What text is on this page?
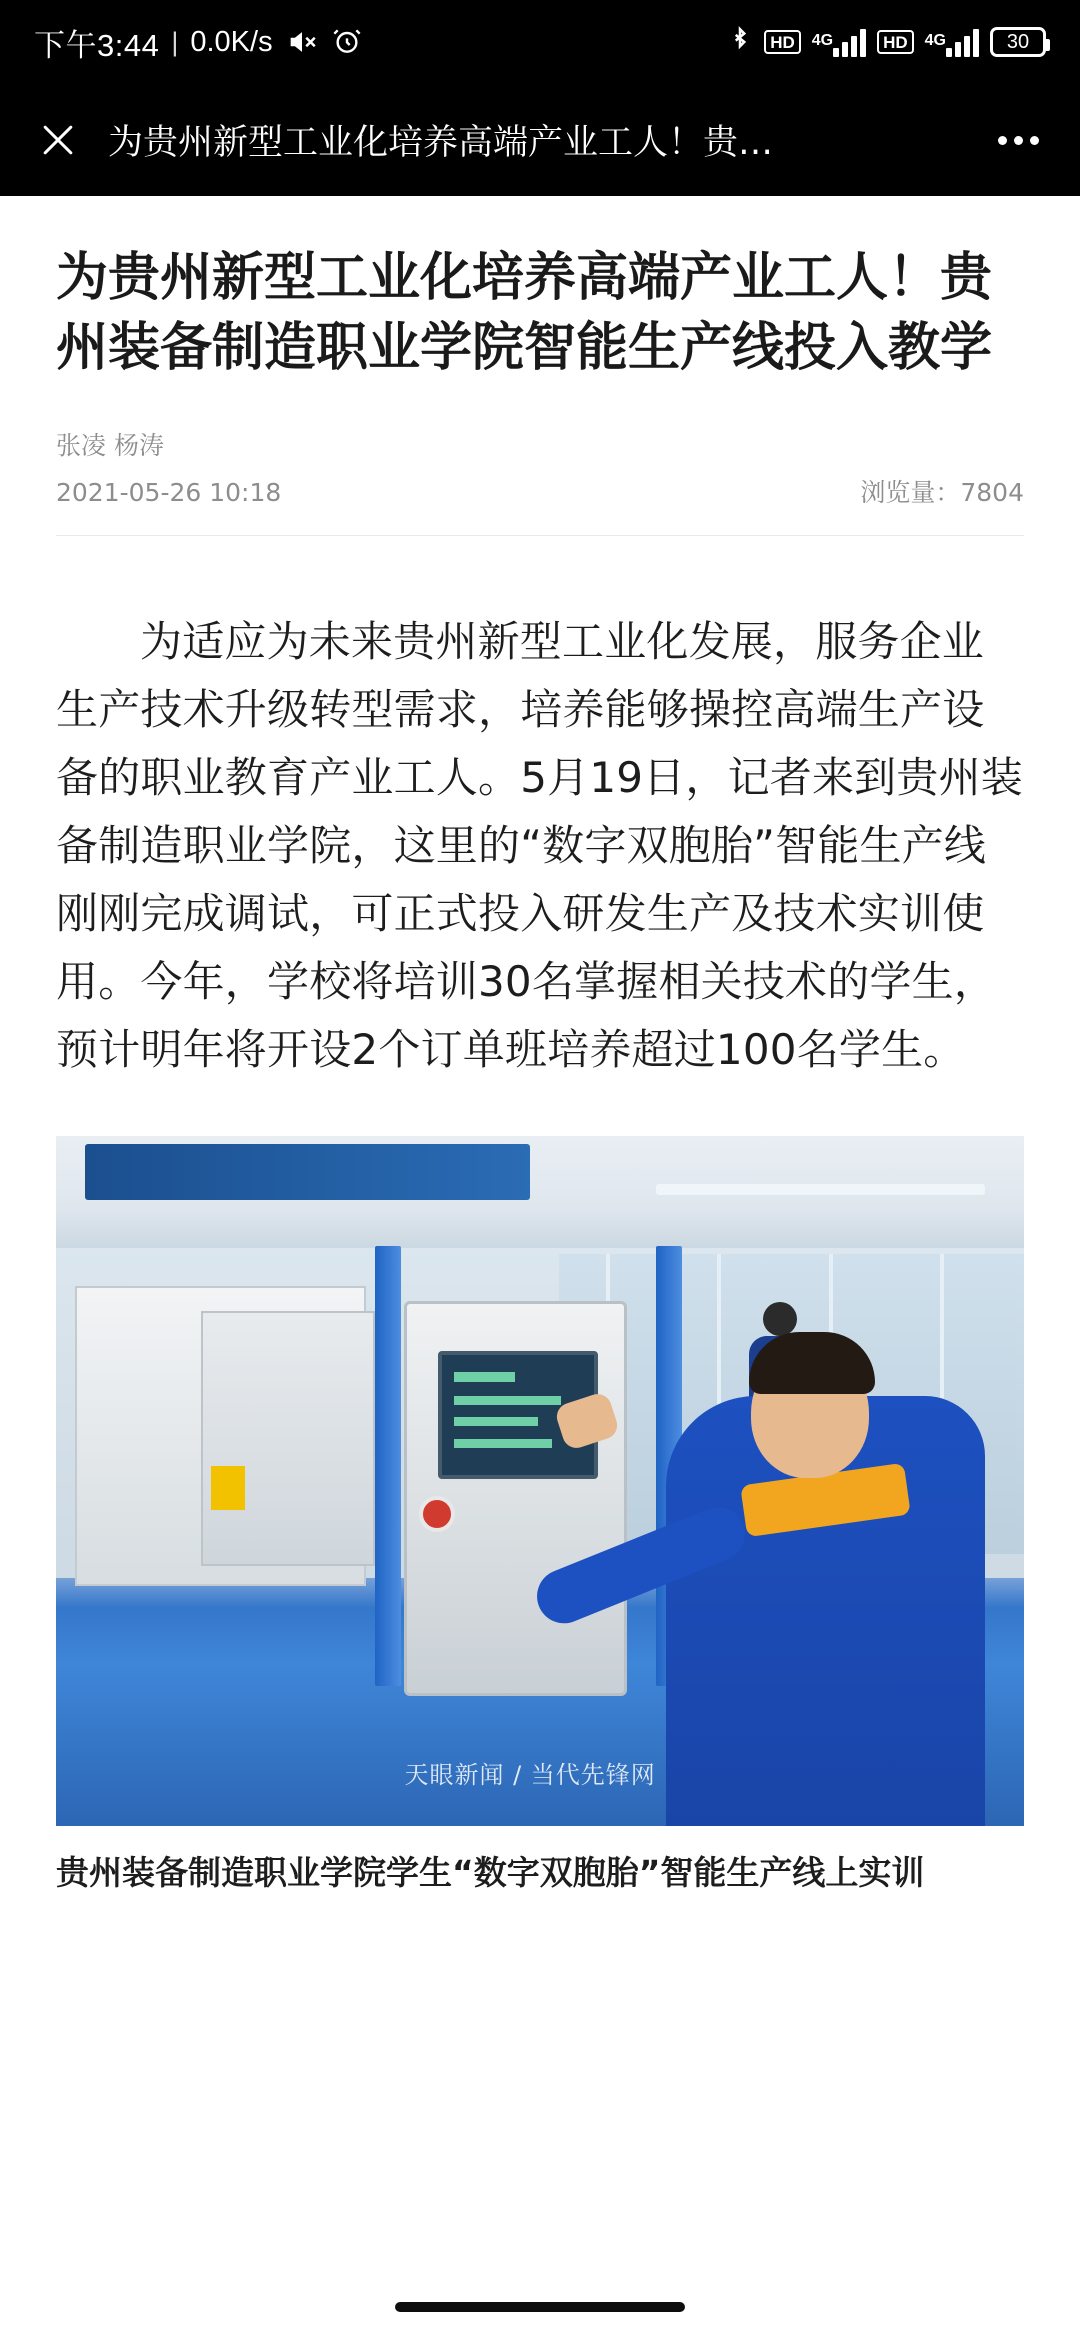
下午3:44 | 0.0K/s	HD	4G	HD	4G	30
为贵州新型工业化培养高端产业工人！贵…
为贵州新型工业化培养高端产业工人！贵州装备制造职业学院智能生产线投入教学
张凌 杨涛
2021-05-26 10:18	浏览量：7804

为适应为未来贵州新型工业化发展，服务企业生产技术升级转型需求，培养能够操控高端生产设备的职业教育产业工人。5月19日，记者来到贵州装备制造职业学院，这里的“数字双胞胎”智能生产线刚刚完成调试，可正式投入研发生产及技术实训使用。今年，学校将培训30名掌握相关技术的学生，预计明年将开设2个订单班培养超过100名学生。

天眼新闻 / 当代先锋网
贵州装备制造职业学院学生“数字双胞胎”智能生产线上实训
